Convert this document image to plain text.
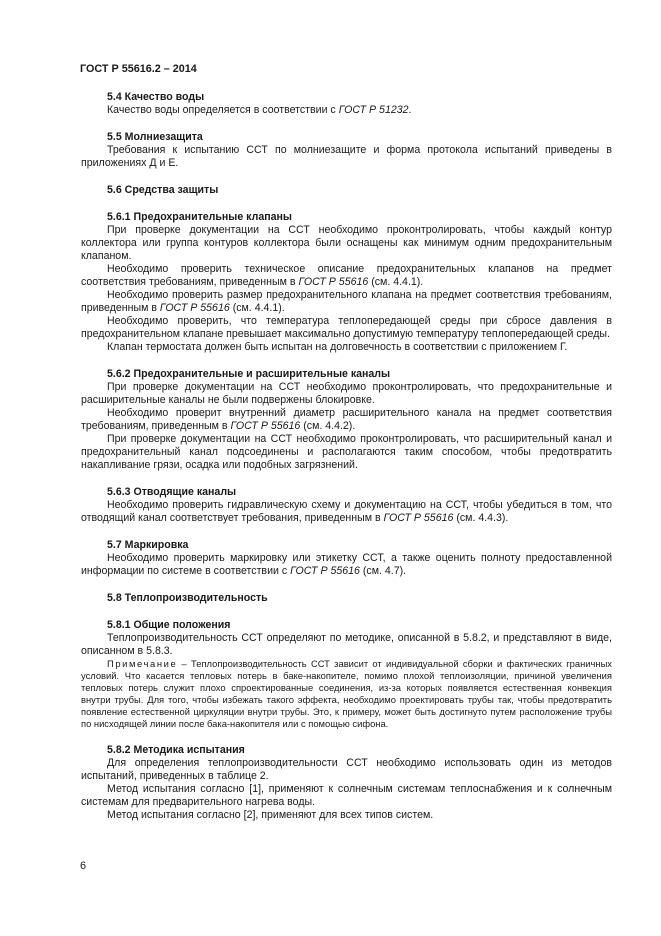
ГОСТ Р 55616.2 – 2014
5.4 Качество воды
Качество воды определяется в соответствии с ГОСТ Р 51232.
5.5 Молниезащита
Требования к испытанию ССТ по молниезащите и форма протокола испытаний приведены в приложениях Д и Е.
5.6 Средства защиты
5.6.1 Предохранительные клапаны
При проверке документации на ССТ необходимо проконтролировать, чтобы каждый контур коллектора или группа контуров коллектора были оснащены как минимум одним предохранительным клапаном.
Необходимо проверить техническое описание предохранительных клапанов на предмет соответствия требованиям, приведенным в ГОСТ Р 55616 (см. 4.4.1).
Необходимо проверить размер предохранительного клапана на предмет соответствия требованиям, приведенным в ГОСТ Р 55616 (см. 4.4.1).
Необходимо проверить, что температура теплопередающей среды при сбросе давления в предохранительном клапане превышает максимально допустимую температуру теплопередающей среды.
Клапан термостата должен быть испытан на долговечность в соответствии с приложением Г.
5.6.2 Предохранительные и расширительные каналы
При проверке документации на ССТ необходимо проконтролировать, что предохранительные и расширительные каналы не были подвержены блокировке.
Необходимо проверит внутренний диаметр расширительного канала на предмет соответствия требованиям, приведенным в ГОСТ Р 55616 (см. 4.4.2).
При проверке документации на ССТ необходимо проконтролировать, что расширительный канал и предохранительный канал подсоединены и располагаются таким способом, чтобы предотвратить накапливание грязи, осадка или подобных загрязнений.
5.6.3 Отводящие каналы
Необходимо проверить гидравлическую схему и документацию на ССТ, чтобы убедиться в том, что отводящий канал соответствует требования, приведенным в ГОСТ Р 55616 (см. 4.4.3).
5.7 Маркировка
Необходимо проверить маркировку или этикетку ССТ, а также оценить полноту предоставленной информации по системе в соответствии с ГОСТ Р 55616 (см. 4.7).
5.8 Теплопроизводительность
5.8.1 Общие положения
Теплопроизводительность ССТ определяют по методике, описанной в 5.8.2, и представляют в виде, описанном в 5.8.3.
Примечание – Теплопроизводительность ССТ зависит от индивидуальной сборки и фактических граничных условий. Что касается тепловых потерь в баке-накопителе, помимо плохой теплоизоляции, причиной увеличения тепловых потерь служит плохо спроектированные соединения, из-за которых появляется естественная конвекция внутри трубы. Для того, чтобы избежать такого эффекта, необходимо проектировать трубы так, чтобы предотвратить появление естественной циркуляции внутри трубы. Это, к примеру, может быть достигнуто путем расположение трубы по нисходящей линии после бака-накопителя или с помощью сифона.
5.8.2 Методика испытания
Для определения теплопроизводительности ССТ необходимо использовать один из методов испытаний, приведенных в таблице 2.
Метод испытания согласно [1], применяют к солнечным системам теплоснабжения и к солнечным системам для предварительного нагрева воды.
Метод испытания согласно [2], применяют для всех типов систем.
6
